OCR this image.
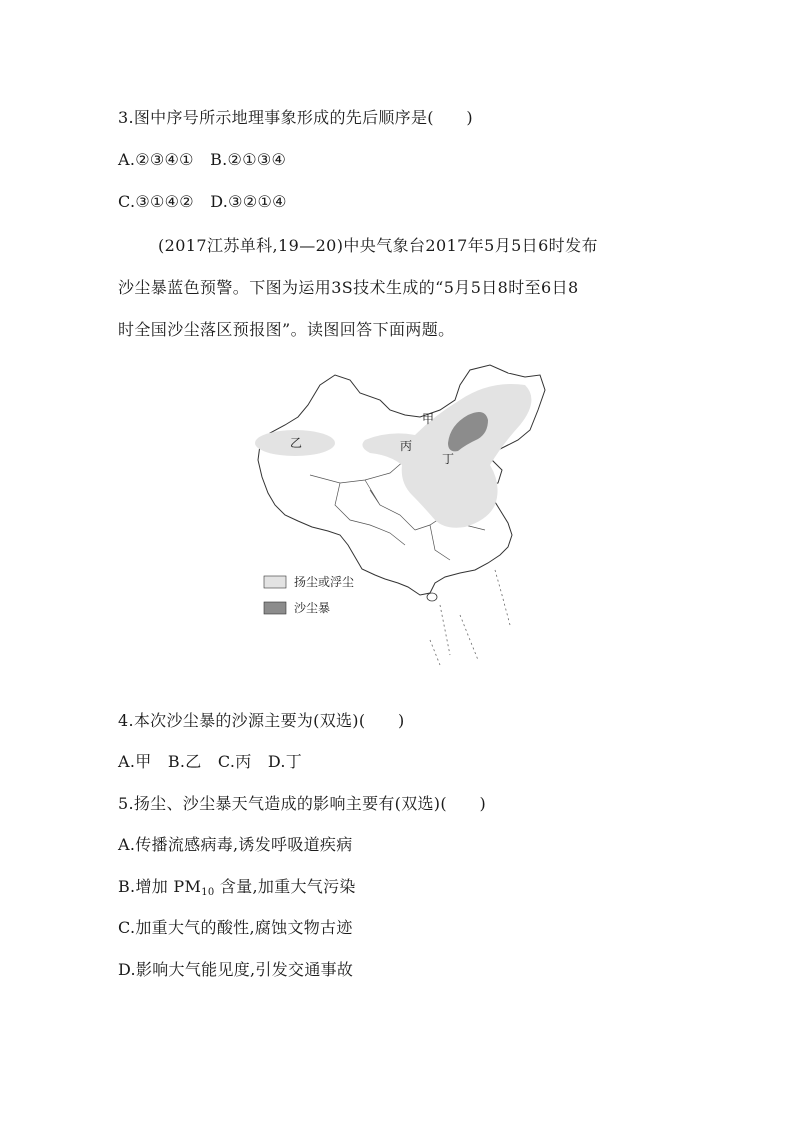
3.图中序号所示地理事象形成的先后顺序是(　　)
A.②③④①　B.②①③④
C.③①④②　D.③②①④
(2017江苏单科,19—20)中央气象台2017年5月5日6时发布
沙尘暴蓝色预警。下图为运用3S技术生成的“5月5日8时至6日8
时全国沙尘落区预报图”。读图回答下面两题。
甲
乙	丙
丁
扬尘或浮尘
沙尘暴
4.本次沙尘暴的沙源主要为(双选)(　　)
A.甲　B.乙　C.丙　D.丁
5.扬尘、沙尘暴天气造成的影响主要有(双选)(　　)
A.传播流感病毒,诱发呼吸道疾病
B.增加 $PM_{10}$ 含量,加重大气污染
C.加重大气的酸性,腐蚀文物古迹
D.影响大气能见度,引发交通事故
